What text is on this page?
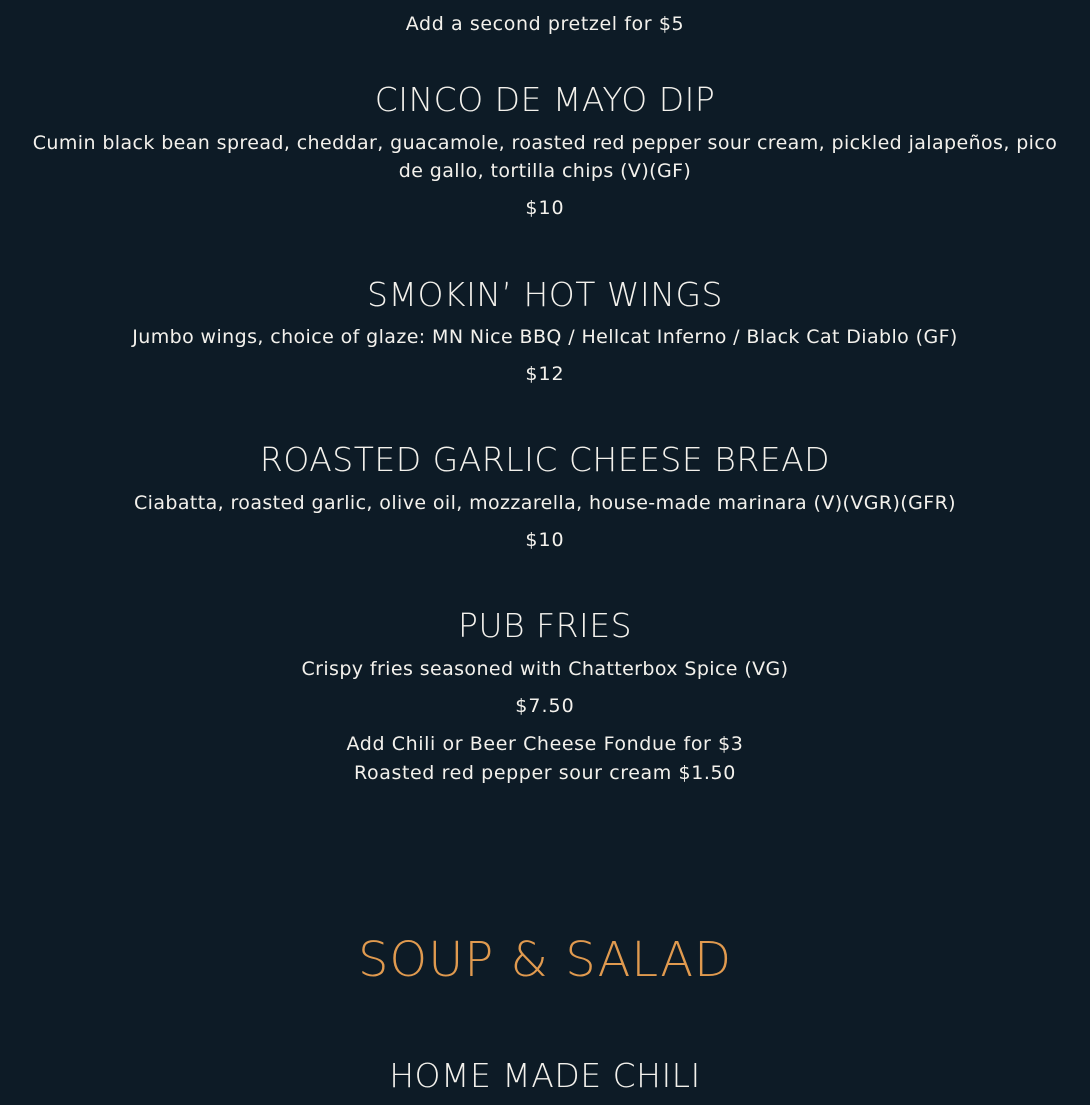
Add a second pretzel for $5
CINCO DE MAYO DIP
Cumin black bean spread, cheddar, guacamole, roasted red pepper sour cream, pickled jalapeños, pico de gallo, tortilla chips (V)(GF)
$10
SMOKIN’ HOT WINGS
Jumbo wings, choice of glaze: MN Nice BBQ / Hellcat Inferno / Black Cat Diablo (GF)
$12
ROASTED GARLIC CHEESE BREAD
Ciabatta, roasted garlic, olive oil, mozzarella, house-made marinara (V)(VGR)(GFR)
$10
PUB FRIES
Crispy fries seasoned with Chatterbox Spice (VG)
$7.50
Add Chili or Beer Cheese Fondue for $3
Roasted red pepper sour cream $1.50
SOUP & SALAD
HOME MADE CHILI
